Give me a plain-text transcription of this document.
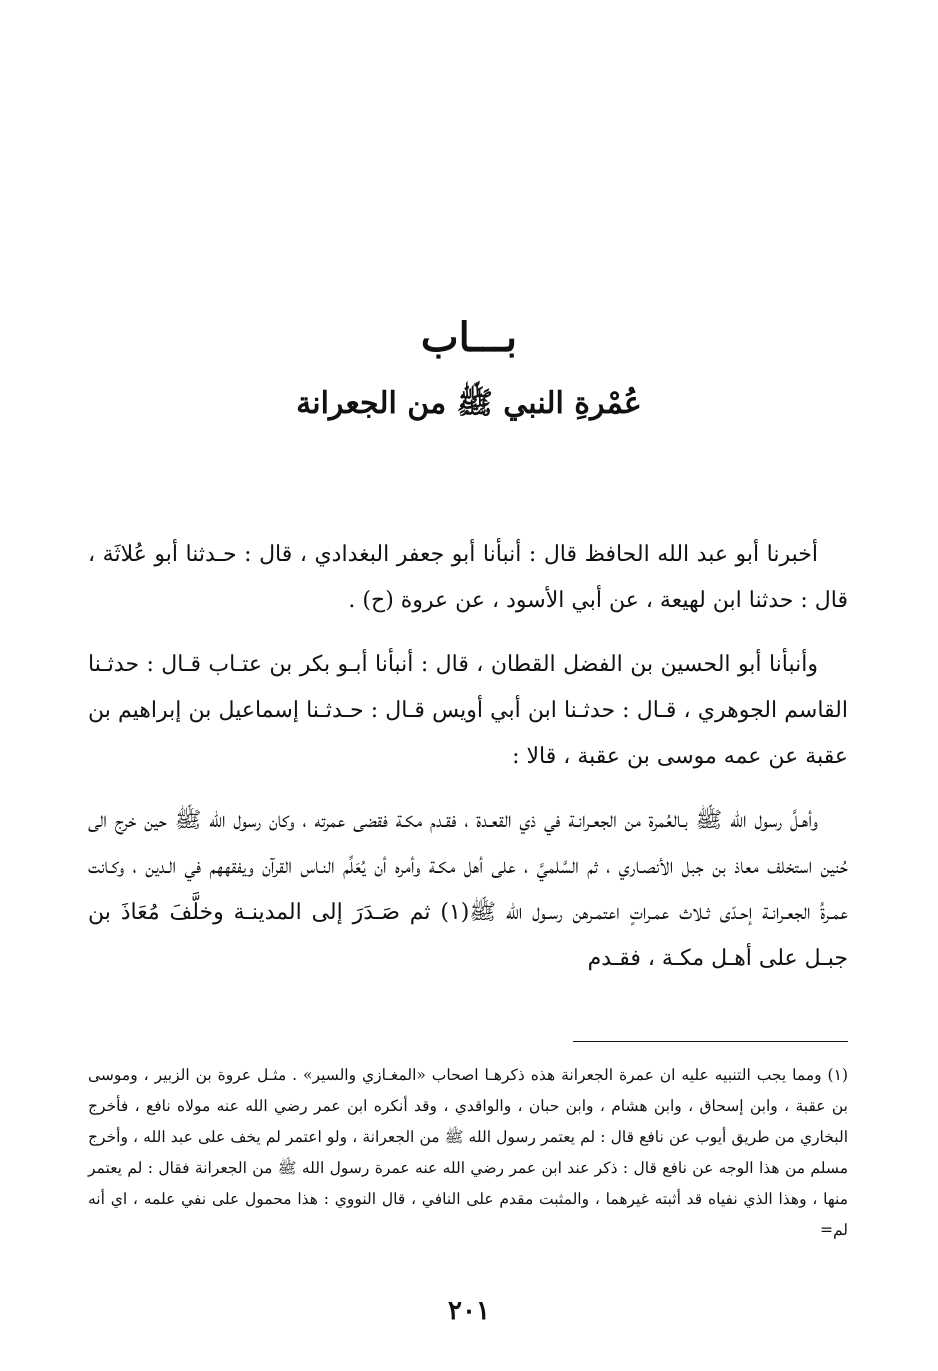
بـــاب
عُمْرةِ النبي ﷺ من الجعرانة

أخبرنا أبو عبد الله الحافظ قال : أنبأنا أبو جعفر البغدادي ، قال : حـدثنا أبو عُلاثَة ، قال : حدثنا ابن لهيعة ، عن أبي الأسود ، عن عروة (ح) .

وأنبأنا أبو الحسين بن الفضل القطان ، قال : أنبأنا أبـو بكر بن عتـاب قـال : حدثـنا القاسم الجوهري ، قـال : حدثـنا ابن أبي أويس قـال : حـدثـنا إسماعيل بن إبراهيم بن عقبة عن عمه موسى بن عقبة ، قالا :

وأهـلَّ رسول الله ﷺ بـالعُمرة من الجعـرانـة في ذي القعـدة ، فقـدم مكـة فقضى عمرته ، وكان رسول الله ﷺ حين خرج الى حُنين استخلف معاذ بن جبل الأنصـاري ، ثم السَّلميَّ ، على أهل مكـة وأمره أن يُعَلِّم النـاس القرآن ويفقههم في الـدين ، وكـانت عمـرةُ الجعـرانـة إحـدّى ثـلاث عمـراتٍ اعتمـرهن رسـول الله ﷺ(١) ثم صَـدَرَ إلى المدينـة وخلَّفَ مُعَاذَ بن جبـل على أهـل مكـة ، فقـدم

(١) ومما يجب التنبيه عليه ان عمرة الجعرانة هذه ذكرهـا اصحاب «المغـازي والسير» . مثـل عروة بن الزبير ، وموسى بن عقبة ، وابن إسحاق ، وابن هشام ، وابن حبان ، والواقدي ، وقد أنكره ابن عمر رضي الله عنه مولاه نافع ، فأخرج البخاري من طريق أيوب عن نافع قال : لم يعتمر رسول الله ﷺ من الجعرانة ، ولو اعتمر لم يخف على عبد الله ، وأخرج مسلم من هذا الوجه عن نافع قال : ذكر عند ابن عمر رضي الله عنه عمرة رسول الله ﷺ من الجعرانة فقال : لم يعتمر منها ، وهذا الذي نفياه قد أثبته غيرهما ، والمثبت مقدم على النافي ، قال النووي : هذا محمول على نفي علمه ، اي أنه لم=

٢٠١
